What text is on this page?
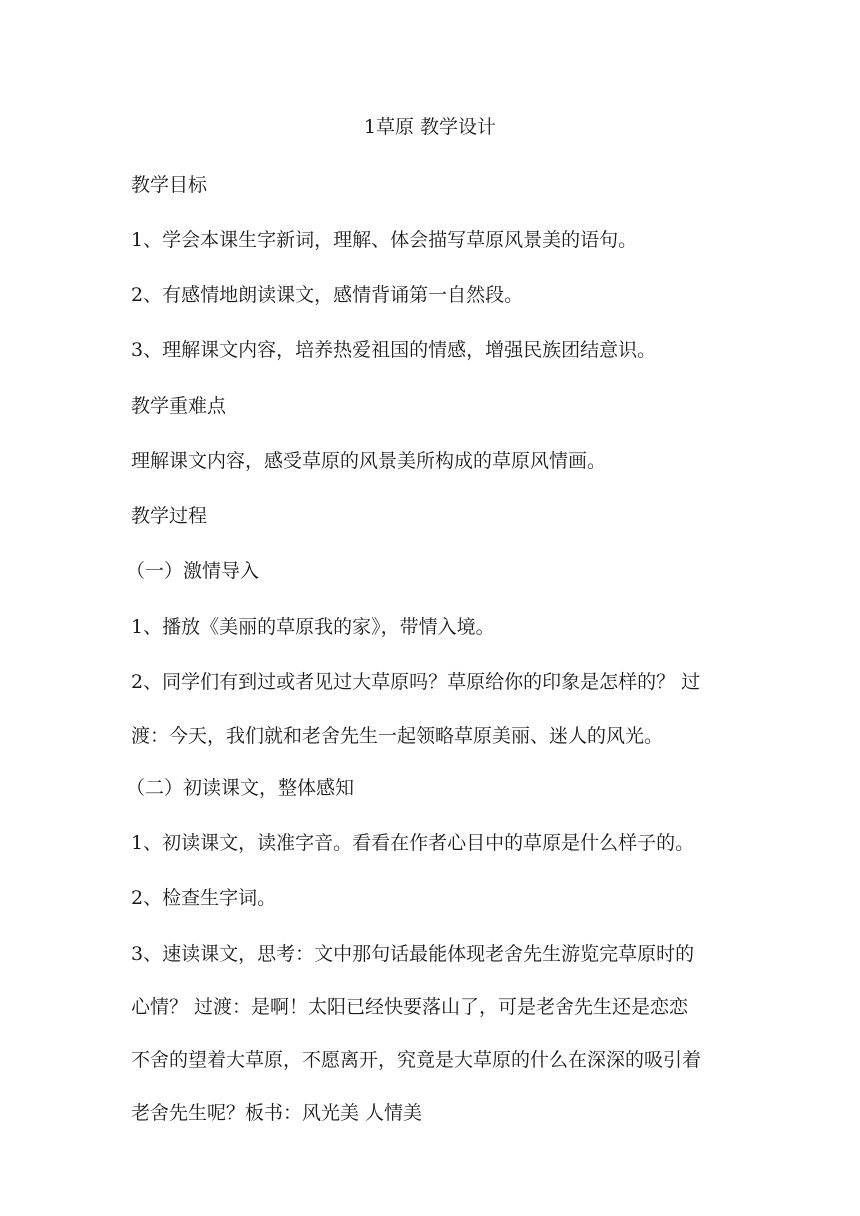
1草原 教学设计

教学目标

1、学会本课生字新词，理解、体会描写草原风景美的语句。

2、有感情地朗读课文，感情背诵第一自然段。

3、理解课文内容，培养热爱祖国的情感，增强民族团结意识。

教学重难点

理解课文内容，感受草原的风景美所构成的草原风情画。

教学过程

（一）激情导入

1、播放《美丽的草原我的家》，带情入境。

2、同学们有到过或者见过大草原吗？草原给你的印象是怎样的？ 过
渡：今天，我们就和老舍先生一起领略草原美丽、迷人的风光。

（二）初读课文，整体感知

1、初读课文，读准字音。看看在作者心目中的草原是什么样子的。

2、检查生字词。

3、速读课文，思考：文中那句话最能体现老舍先生游览完草原时的
心情？ 过渡：是啊！太阳已经快要落山了，可是老舍先生还是恋恋
不舍的望着大草原，不愿离开，究竟是大草原的什么在深深的吸引着
老舍先生呢？板书：风光美 人情美
